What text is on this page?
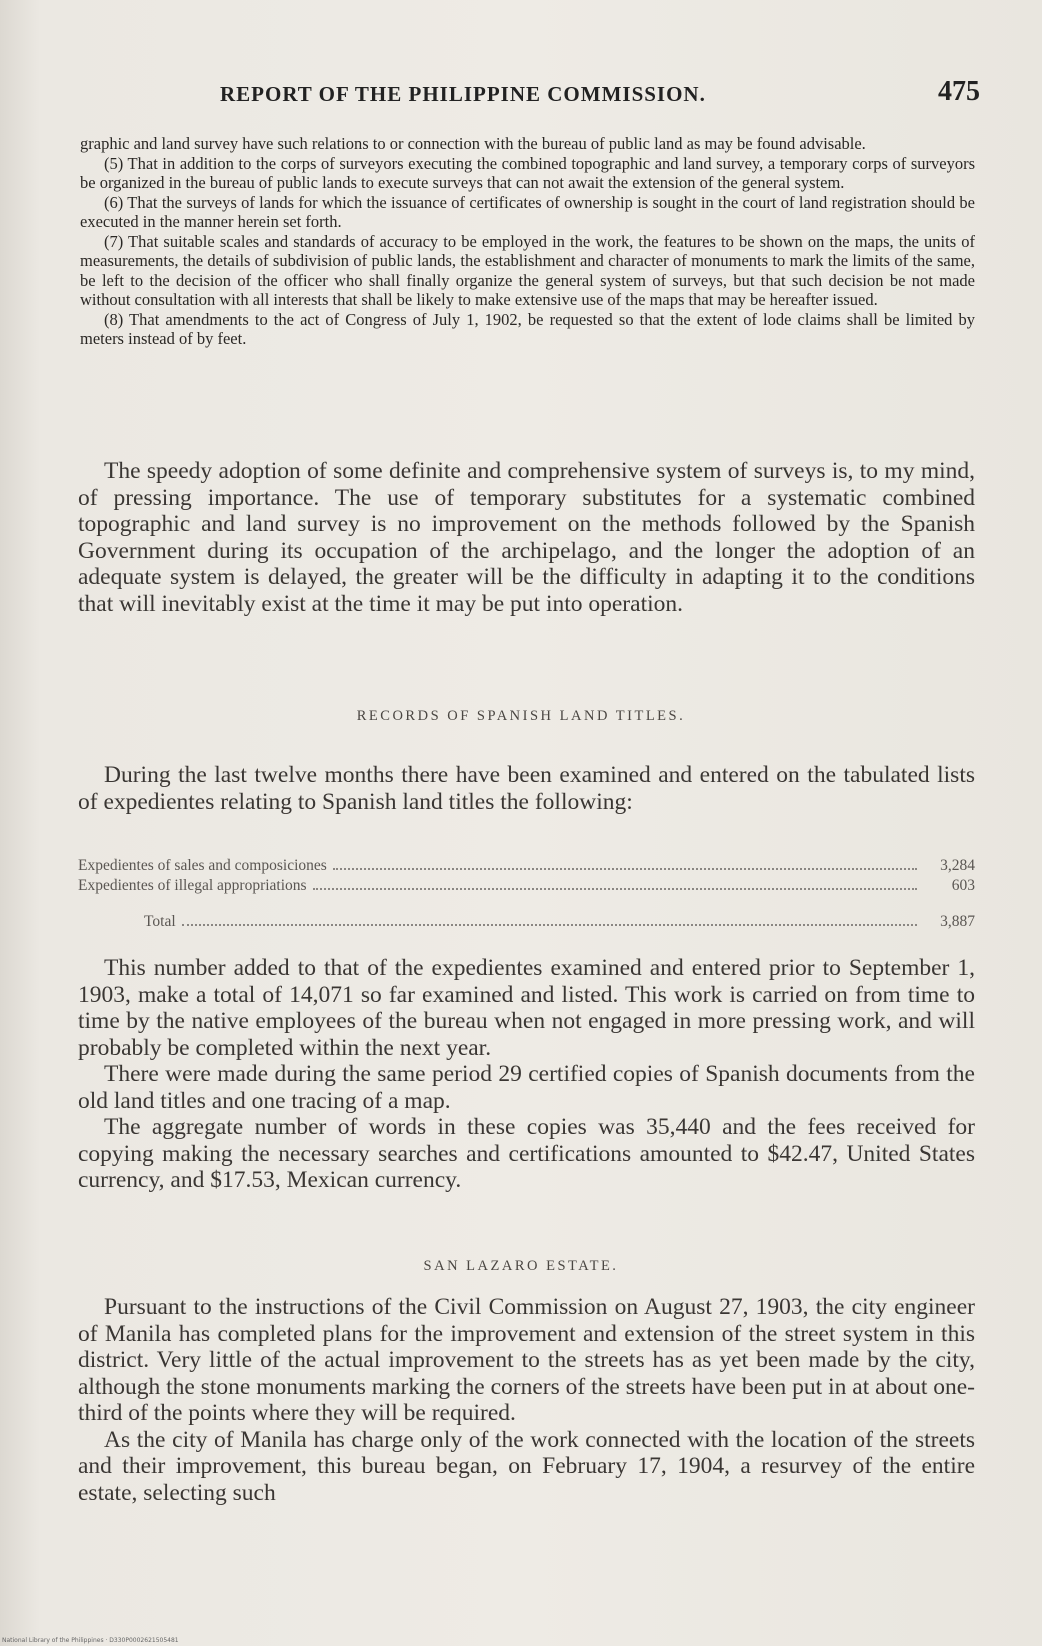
REPORT OF THE PHILIPPINE COMMISSION.	475

graphic and land survey have such relations to or connection with the bureau of public land as may be found advisable.

(5) That in addition to the corps of surveyors executing the combined topographic and land survey, a temporary corps of surveyors be organized in the bureau of public lands to execute surveys that can not await the extension of the general system.

(6) That the surveys of lands for which the issuance of certificates of ownership is sought in the court of land registration should be executed in the manner herein set forth.

(7) That suitable scales and standards of accuracy to be employed in the work, the features to be shown on the maps, the units of measurements, the details of subdivision of public lands, the establishment and character of monuments to mark the limits of the same, be left to the decision of the officer who shall finally organize the general system of surveys, but that such decision be not made without consultation with all interests that shall be likely to make extensive use of the maps that may be hereafter issued.

(8) That amendments to the act of Congress of July 1, 1902, be requested so that the extent of lode claims shall be limited by meters instead of by feet.

The speedy adoption of some definite and comprehensive system of surveys is, to my mind, of pressing importance. The use of temporary substitutes for a systematic combined topographic and land survey is no improvement on the methods followed by the Spanish Government during its occupation of the archipelago, and the longer the adoption of an adequate system is delayed, the greater will be the difficulty in adapting it to the conditions that will inevitably exist at the time it may be put into operation.

RECORDS OF SPANISH LAND TITLES.

During the last twelve months there have been examined and entered on the tabulated lists of expedientes relating to Spanish land titles the following:

Expedientes of sales and composiciones	3,284
Expedientes of illegal appropriations	603
Total	3,887

This number added to that of the expedientes examined and entered prior to September 1, 1903, make a total of 14,071 so far examined and listed. This work is carried on from time to time by the native employees of the bureau when not engaged in more pressing work, and will probably be completed within the next year.

There were made during the same period 29 certified copies of Spanish documents from the old land titles and one tracing of a map.

The aggregate number of words in these copies was 35,440 and the fees received for copying making the necessary searches and certifications amounted to $42.47, United States currency, and $17.53, Mexican currency.

SAN LAZARO ESTATE.

Pursuant to the instructions of the Civil Commission on August 27, 1903, the city engineer of Manila has completed plans for the improvement and extension of the street system in this district. Very little of the actual improvement to the streets has as yet been made by the city, although the stone monuments marking the corners of the streets have been put in at about one-third of the points where they will be required.

As the city of Manila has charge only of the work connected with the location of the streets and their improvement, this bureau began, on February 17, 1904, a resurvey of the entire estate, selecting such

National Library of the Philippines · D330P0002621505481
